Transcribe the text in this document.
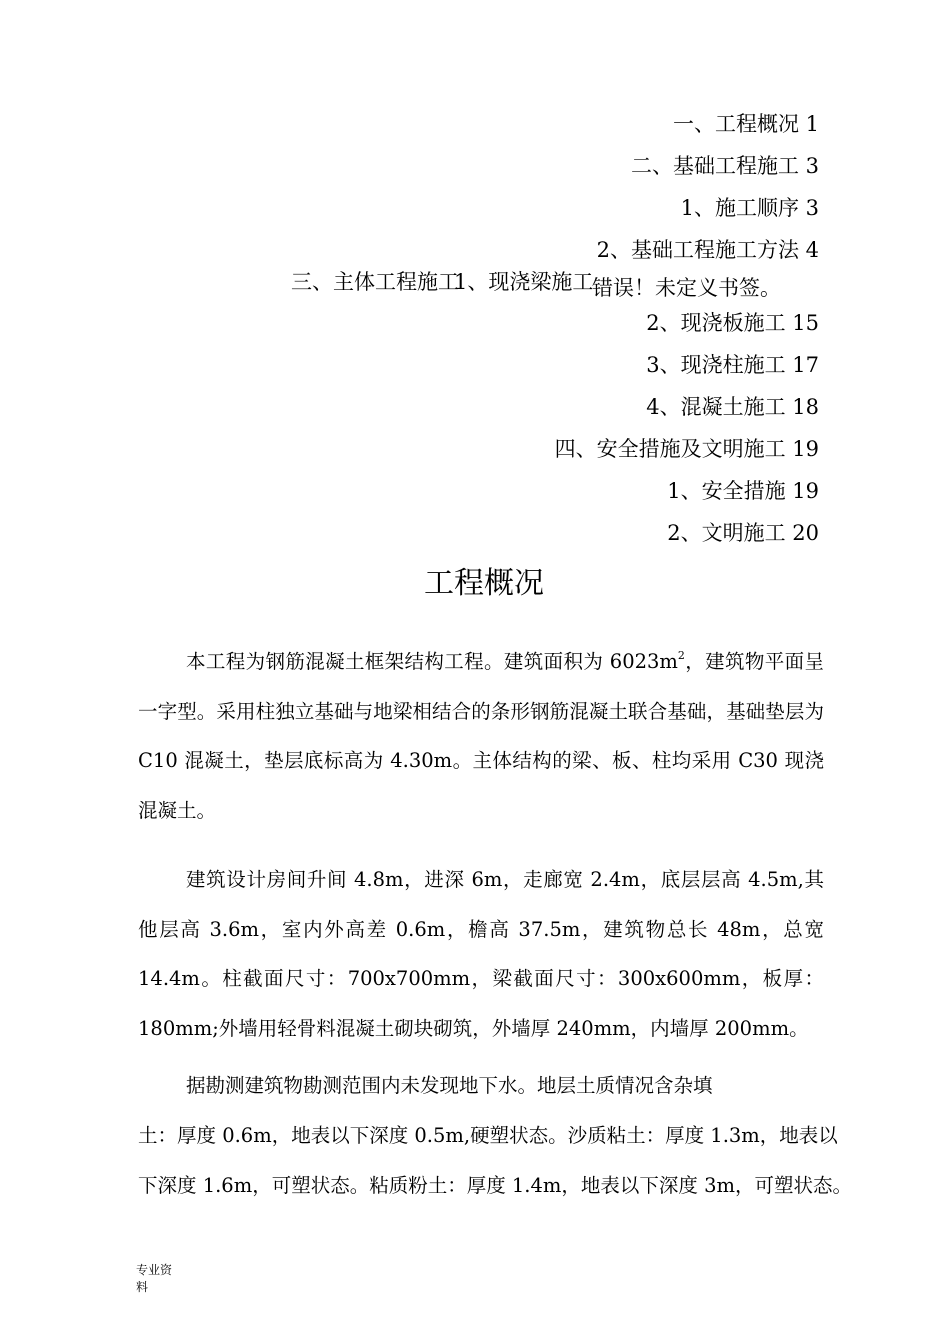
一、工程概况 1
二、基础工程施工 3
1、施工顺序 3
2、基础工程施工方法 4
三、主体工程施工
1、现浇梁施工
错误！未定义书签。
2、现浇板施工 15
3、现浇柱施工 17
4、混凝土施工 18
四、安全措施及文明施工 19
1、安全措施 19
2、文明施工 20
工程概况

本工程为钢筋混凝土框架结构工程。建筑面积为 $6023m^2$，建筑物平面呈一字型。采用柱独立基础与地梁相结合的条形钢筋混凝土联合基础，基础垫层为 C10 混凝土，垫层底标高为 4.30m。主体结构的梁、板、柱均采用 C30 现浇混凝土。

建筑设计房间升间 4.8m，进深 6m，走廊宽 2.4m，底层层高 4.5m,其他层高 3.6m，室内外高差 0.6m，檐高 37.5m，建筑物总长 48m，总宽 14.4m。柱截面尺寸：700x700mm，梁截面尺寸：300x600mm，板厚：180mm;外墙用轻骨料混凝土砌块砌筑，外墙厚 240mm，内墙厚 200mm。

据勘测建筑物勘测范围内未发现地下水。地层土质情况含杂填
土：厚度 0.6m，地表以下深度 0.5m,硬塑状态。沙质粘土：厚度 1.3m，地表以
下深度 1.6m，可塑状态。粘质粉土：厚度 1.4m，地表以下深度 3m，可塑状态。
专业资
料
